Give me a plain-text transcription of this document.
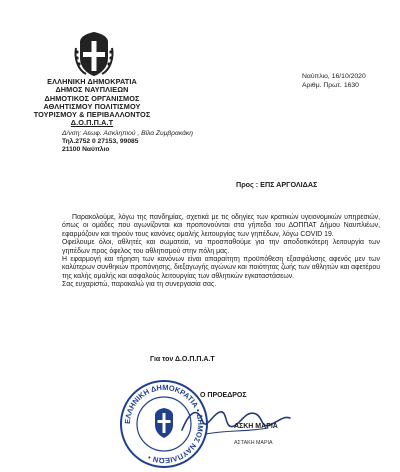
ΕΛΛΗΝΙΚΗ ΔΗΜΟΚΡΑΤΙΑ
ΔΗΜΟΣ ΝΑΥΠΛΙΕΩΝ
ΔΗΜΟΤΙΚΟΣ ΟΡΓΑΝΙΣΜΟΣ
ΑΘΛΗΤΙΣΜΟΥ ΠΟΛΙΤΙΣΜΟΥ
ΤΟΥΡΙΣΜΟΥ & ΠΕΡΙΒΑΛΛΟΝΤΟΣ
Δ.Ο.Π.Π.Α.Τ
Δ/νση: Αεωφ. Ασκληπιού , Βίλα Ζυμβρακάκη
Τηλ.2752 0 27153, 99085
21100 Ναύπλιο
Ναύπλιο, 16/10/2020
Αριθμ. Πρωτ. 1630
Προς : ΕΠΣ ΑΡΓΟΛΙΔΑΣ

Παρακολούμε, λόγω της πανδημίας, σχετικά με τις οδηγίες των κρατικών υγειονομικών υπηρεσιών, όπως οι ομάδες που αγωνίζονται και προπονούνται στα γήπεδα του ΔΟΠΠΑΤ Δήμου Ναυπλιέων, εφαρμόζουν και τηρούν τους κανόνες ομαλής λειτουργίας των γηπέδων, λόγω COVID 19.

Οφείλουμε όλοι, αθλητές και σωματεία, να προσπαθούμε για την αποδοτικότερη λειτουργία των γηπέδων προς όφελος του αθλητισμού στην πόλη μας.

Η εφαρμογή και τήρηση των κανόνων είναι απαραίτητη προϋπόθεση εξασφάλισης αφενός μεν των καλύτερων συνθηκών προπόνησης, διεξαγωγής αγώνων και ποιότητας ζωής των αθλητών και αφετέρου της καλής ομαλής και ασφαλούς λειτουργίας των αθλητικών εγκαταστάσεων.

Σας ευχαριστώ, παρακαλώ για τη συνεργασία σας.

Για τον Δ.Ο.Π.Π.Α.Τ
ΕΛΛΗΝΙΚΗ ΔΗΜΟΚΡΑΤΙΑ • ΔΗΜΟΣ ΝΑΥΠΛΙΕΩΝ •
Ο ΠΡΟΕΔΡΟΣ
ΑΣΚΗ ΜΑΡΙΑ
ΑΣΤΑΚΗ ΜΑΡΙΑ
